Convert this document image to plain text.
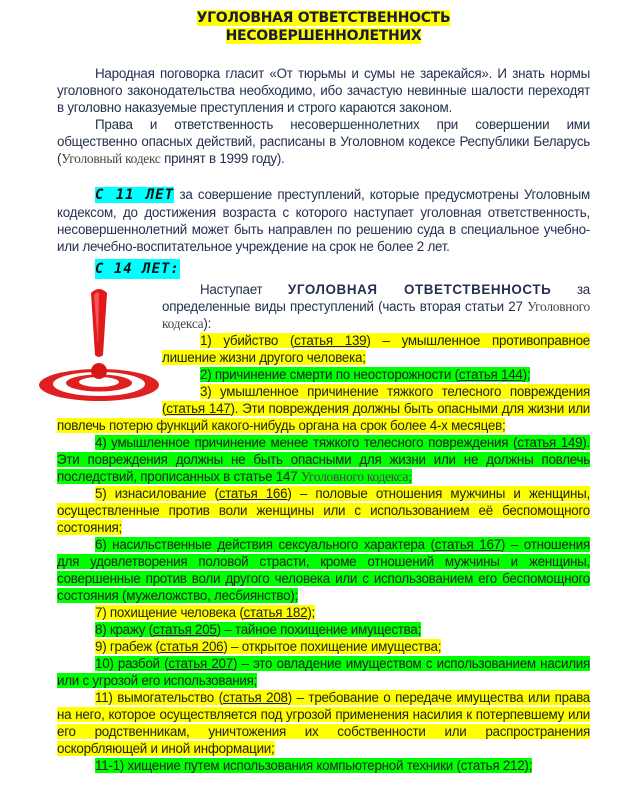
УГОЛОВНАЯ ОТВЕТСТВЕННОСТЬ
НЕСОВЕРШЕННОЛЕТНИХ

Народная поговорка гласит «От тюрьмы и сумы не зарекайся». И знать нормы уголовного законодательства необходимо, ибо зачастую невинные шалости переходят в уголовно наказуемые преступления и строго караются законом.

Права и ответственность несовершеннолетних при совершении ими общественно опасных действий, расписаны в Уголовном кодексе Республики Беларусь (Уголовный кодекс принят в 1999 году).

С 11 ЛЕТ за совершение преступлений, которые предусмотрены Уголовным кодексом, до достижения возраста с которого наступает уголовная ответственность, несовершеннолетний может быть направлен по решению суда в специальное учебно- или лечебно-воспитательное учреждение на срок не более 2 лет.

С 14 ЛЕТ:

Наступает УГОЛОВНАЯ ОТВЕТСТВЕННОСТЬ за определенные виды преступлений (часть вторая статьи 27 Уголовного кодекса):

1) убийство (статья 139) – умышленное противоправное лишение жизни другого человека;

2) причинение смерти по неосторожности (статья 144);

3) умышленное причинение тяжкого телесного повреждения (статья 147). Эти повреждения должны быть опасными для жизни или повлечь потерю функций какого-нибудь органа на срок более 4-х месяцев;

4) умышленное причинение менее тяжкого телесного повреждения (статья 149). Эти повреждения должны не быть опасными для жизни или не должны повлечь последствий, прописанных в статье 147 Уголовного кодекса;

5) изнасилование (статья 166) – половые отношения мужчины и женщины, осуществленные против воли женщины или с использованием её беспомощного состояния;

6) насильственные действия сексуального характера (статья 167) – отношения для удовлетворения половой страсти, кроме отношений мужчины и женщины, совершенные против воли другого человека или с использованием его беспомощного состояния (мужеложство, лесбиянство);

7) похищение человека (статья 182);

8) кражу (статья 205) – тайное похищение имущества;

9) грабеж (статья 206) – открытое похищение имущества;

10) разбой (статья 207) – это овладение имуществом с использованием насилия или с угрозой его использования;

11) вымогательство (статья 208) – требование о передаче имущества или права на него, которое осуществляется под угрозой применения насилия к потерпевшему или его родственникам, уничтожения их собственности или распространения оскорбляющей и иной информации;

11-1) хищение путем использования компьютерной техники (статья 212);
